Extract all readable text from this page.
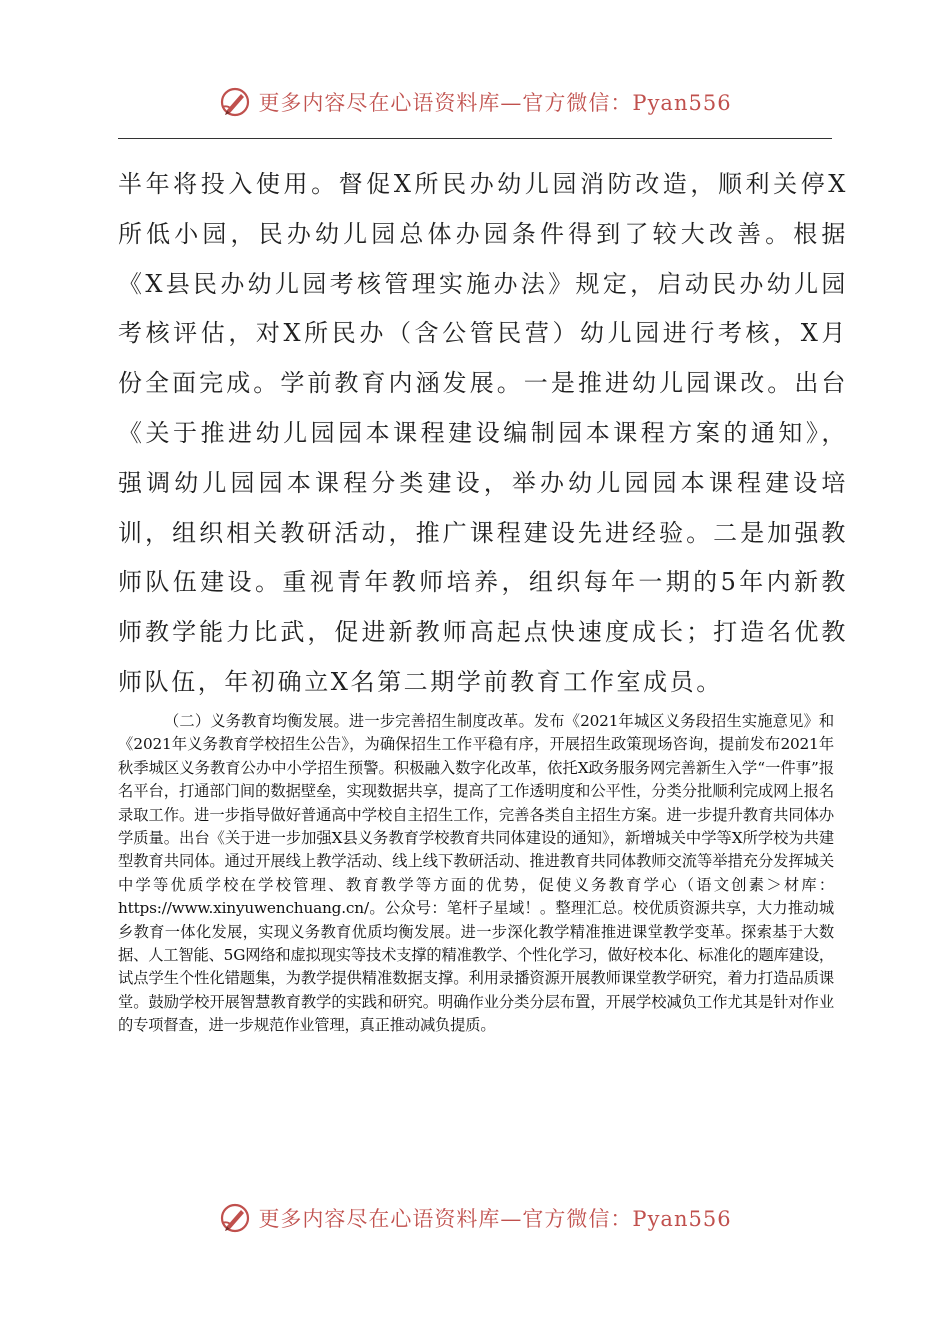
更多内容尽在心语资料库—官方微信：Pyan556

半年将投入使用。督促X所民办幼儿园消防改造，顺利关停X所低小园，民办幼儿园总体办园条件得到了较大改善。根据《X县民办幼儿园考核管理实施办法》规定，启动民办幼儿园考核评估，对X所民办（含公管民营）幼儿园进行考核，X月份全面完成。学前教育内涵发展。一是推进幼儿园课改。出台《关于推进幼儿园园本课程建设编制园本课程方案的通知》，强调幼儿园园本课程分类建设，举办幼儿园园本课程建设培训，组织相关教研活动，推广课程建设先进经验。二是加强教师队伍建设。重视青年教师培养，组织每年一期的5年内新教师教学能力比武，促进新教师高起点快速度成长；打造名优教师队伍，年初确立X名第二期学前教育工作室成员。

（二）义务教育均衡发展。进一步完善招生制度改革。发布《2021年城区义务段招生实施意见》和《2021年义务教育学校招生公告》，为确保招生工作平稳有序，开展招生政策现场咨询，提前发布2021年秋季城区义务教育公办中小学招生预警。积极融入数字化改革，依托X政务服务网完善新生入学“一件事”报名平台，打通部门间的数据壁垒，实现数据共享，提高了工作透明度和公平性，分类分批顺利完成网上报名录取工作。进一步指导做好普通高中学校自主招生工作，完善各类自主招生方案。进一步提升教育共同体办学质量。出台《关于进一步加强X县义务教育学校教育共同体建设的通知》，新增城关中学等X所学校为共建型教育共同体。通过开展线上教学活动、线上线下教研活动、推进教育共同体教师交流等举措充分发挥城关中学等优质学校在学校管理、教育教学等方面的优势，促使义务教育学心（语文创素＞材库：https://www.xinyuwenchuang.cn/。公众号：笔杆子星域！。整理汇总。校优质资源共享，大力推动城乡教育一体化发展，实现义务教育优质均衡发展。进一步深化教学精准推进课堂教学变革。探索基于大数据、人工智能、5G网络和虚拟现实等技术支撑的精准教学、个性化学习，做好校本化、标准化的题库建设，试点学生个性化错题集，为教学提供精准数据支撑。利用录播资源开展教师课堂教学研究，着力打造品质课堂。鼓励学校开展智慧教育教学的实践和研究。明确作业分类分层布置，开展学校减负工作尤其是针对作业的专项督查，进一步规范作业管理，真正推动减负提质。

更多内容尽在心语资料库—官方微信：Pyan556
